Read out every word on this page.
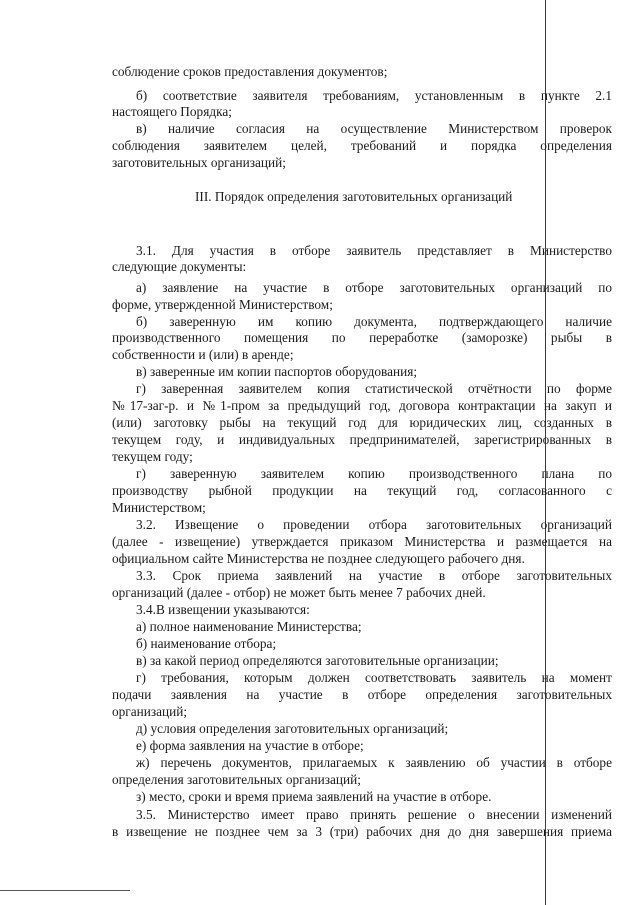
III. Порядок определения заготовительных организаций
соблюдение сроков предоставления документов;
б) соответствие заявителя требованиям, установленным в пункте 2.1
настоящего Порядка;
в) наличие согласия на осуществление Министерством проверок
соблюдения заявителем целей, требований и порядка определения
заготовительных организаций;
3.1. Для участия в отборе заявитель представляет в Министерство
следующие документы:
а) заявление на участие в отборе заготовительных организаций по
форме, утвержденной Министерством;
б) заверенную им копию документа, подтверждающего наличие
производственного помещения по переработке (заморозке) рыбы в
собственности и (или) в аренде;
в) заверенные им копии паспортов оборудования;
г) заверенная заявителем копия статистической отчётности по форме
№17-заг-р. и №1-пром за предыдущий год, договора контрактации на закуп и
(или) заготовку рыбы на текущий год для юридических лиц, созданных в
текущем году, и индивидуальных предпринимателей, зарегистрированных в
текущем году;
г) заверенную заявителем копию производственного плана по
производству рыбной продукции на текущий год, согласованного с
Министерством;
3.2. Извещение о проведении отбора заготовительных организаций
(далее - извещение) утверждается приказом Министерства и размещается на
официальном сайте Министерства не позднее следующего рабочего дня.
3.3. Срок приема заявлений на участие в отборе заготовительных
организаций (далее - отбор) не может быть менее 7 рабочих дней.
3.4.В извещении указываются:
а) полное наименование Министерства;
б) наименование отбора;
в) за какой период определяются заготовительные организации;
г) требования, которым должен соответствовать заявитель на момент
подачи заявления на участие в отборе определения заготовительных
организаций;
д) условия определения заготовительных организаций;
е) форма заявления на участие в отборе;
ж) перечень документов, прилагаемых к заявлению об участии в отборе
определения заготовительных организаций;
з) место, сроки и время приема заявлений на участие в отборе.
3.5. Министерство имеет право принять решение о внесении изменений
в извещение не позднее чем за 3 (три) рабочих дня до дня завершения приема
